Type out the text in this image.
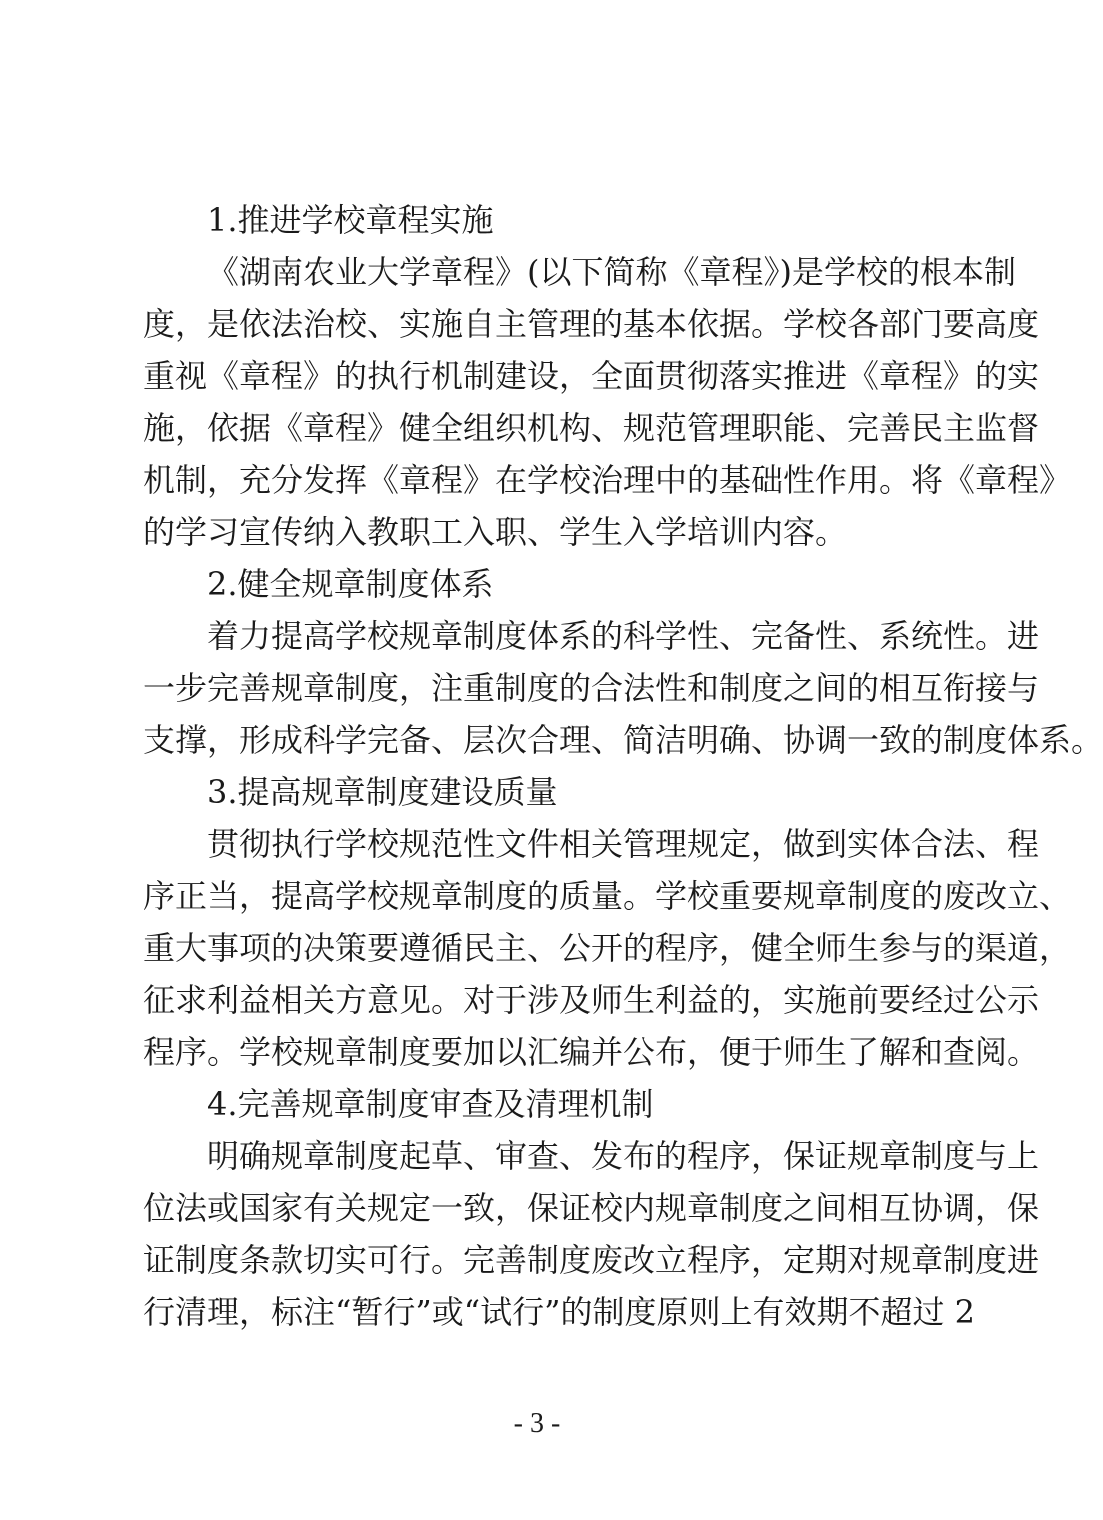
1.推进学校章程实施
《湖南农业大学章程》(以下简称《章程》)是学校的根本制
度，是依法治校、实施自主管理的基本依据。学校各部门要高度
重视《章程》的执行机制建设，全面贯彻落实推进《章程》的实
施，依据《章程》健全组织机构、规范管理职能、完善民主监督
机制，充分发挥《章程》在学校治理中的基础性作用。将《章程》
的学习宣传纳入教职工入职、学生入学培训内容。
2.健全规章制度体系
着力提高学校规章制度体系的科学性、完备性、系统性。进
一步完善规章制度，注重制度的合法性和制度之间的相互衔接与
支撑，形成科学完备、层次合理、简洁明确、协调一致的制度体系。
3.提高规章制度建设质量
贯彻执行学校规范性文件相关管理规定，做到实体合法、程
序正当，提高学校规章制度的质量。学校重要规章制度的废改立、
重大事项的决策要遵循民主、公开的程序，健全师生参与的渠道，
征求利益相关方意见。对于涉及师生利益的，实施前要经过公示
程序。学校规章制度要加以汇编并公布，便于师生了解和查阅。
4.完善规章制度审查及清理机制
明确规章制度起草、审查、发布的程序，保证规章制度与上
位法或国家有关规定一致，保证校内规章制度之间相互协调，保
证制度条款切实可行。完善制度废改立程序，定期对规章制度进
行清理，标注“暂行”或“试行”的制度原则上有效期不超过 2
- 3 -
